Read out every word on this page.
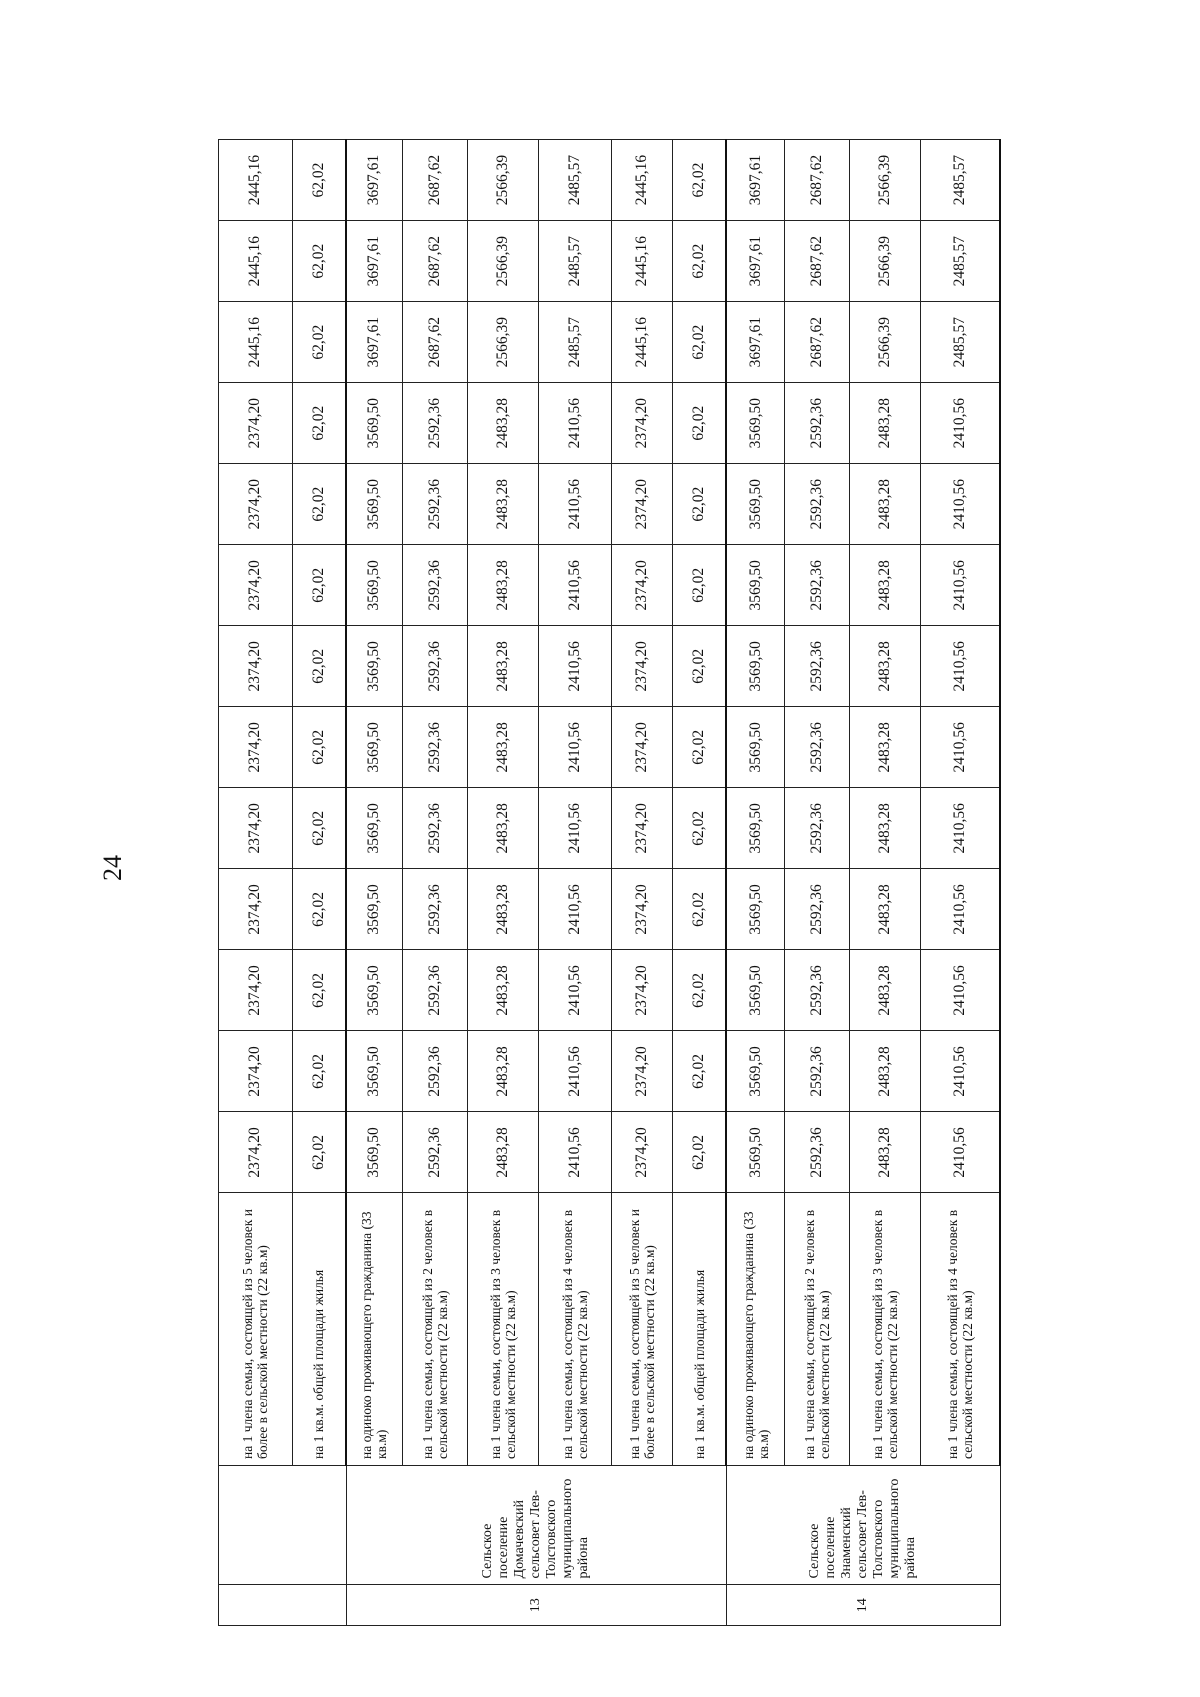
24
		на 1 члена семьи, состоящей из 5 человек и более в сельской местности (22 кв.м)	2374,20	2374,20	2374,20	2374,20	2374,20	2374,20	2374,20	2374,20	2374,20	2374,20	2445,16	2445,16	2445,16
		на 1 кв.м. общей площади жилья	62,02	62,02	62,02	62,02	62,02	62,02	62,02	62,02	62,02	62,02	62,02	62,02	62,02
13	Сельское поселение Домачевский сельсовет Лев-Толстовского муниципального района	на одиноко проживающего гражданина (33 кв.м)	3569,50	3569,50	3569,50	3569,50	3569,50	3569,50	3569,50	3569,50	3569,50	3569,50	3697,61	3697,61	3697,61
		на 1 члена семьи, состоящей из 2 человек в сельской местности (22 кв.м)	2592,36	2592,36	2592,36	2592,36	2592,36	2592,36	2592,36	2592,36	2592,36	2592,36	2687,62	2687,62	2687,62
		на 1 члена семьи, состоящей из 3 человек в сельской местности (22 кв.м)	2483,28	2483,28	2483,28	2483,28	2483,28	2483,28	2483,28	2483,28	2483,28	2483,28	2566,39	2566,39	2566,39
		на 1 члена семьи, состоящей из 4 человек в сельской местности (22 кв.м)	2410,56	2410,56	2410,56	2410,56	2410,56	2410,56	2410,56	2410,56	2410,56	2410,56	2485,57	2485,57	2485,57
		на 1 члена семьи, состоящей из 5 человек и более в сельской местности (22 кв.м)	2374,20	2374,20	2374,20	2374,20	2374,20	2374,20	2374,20	2374,20	2374,20	2374,20	2445,16	2445,16	2445,16
		на 1 кв.м. общей площади жилья	62,02	62,02	62,02	62,02	62,02	62,02	62,02	62,02	62,02	62,02	62,02	62,02	62,02
14	Сельское поселение Знаменский сельсовет Лев-Толстовского муниципального района	на одиноко проживающего гражданина (33 кв.м)	3569,50	3569,50	3569,50	3569,50	3569,50	3569,50	3569,50	3569,50	3569,50	3569,50	3697,61	3697,61	3697,61
		на 1 члена семьи, состоящей из 2 человек в сельской местности (22 кв.м)	2592,36	2592,36	2592,36	2592,36	2592,36	2592,36	2592,36	2592,36	2592,36	2592,36	2687,62	2687,62	2687,62
		на 1 члена семьи, состоящей из 3 человек в сельской местности (22 кв.м)	2483,28	2483,28	2483,28	2483,28	2483,28	2483,28	2483,28	2483,28	2483,28	2483,28	2566,39	2566,39	2566,39
		на 1 члена семьи, состоящей из 4 человек в сельской местности (22 кв.м)	2410,56	2410,56	2410,56	2410,56	2410,56	2410,56	2410,56	2410,56	2410,56	2410,56	2485,57	2485,57	2485,57
